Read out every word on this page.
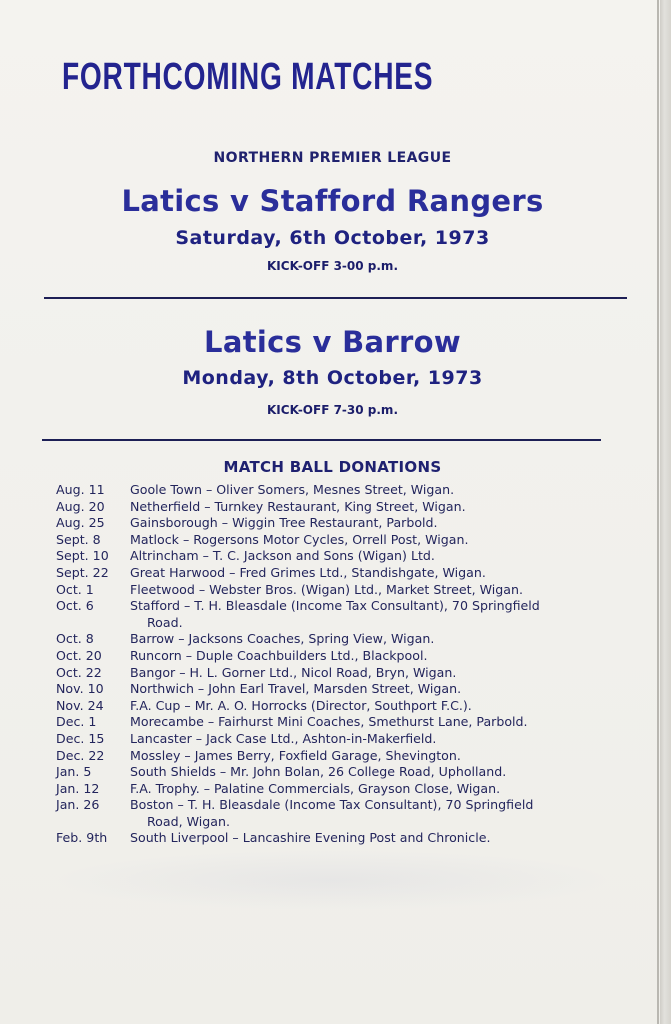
FORTHCOMING MATCHES
NORTHERN PREMIER LEAGUE
Latics v Stafford Rangers
Saturday, 6th October, 1973
KICK-OFF 3-00 p.m.
Latics v Barrow
Monday, 8th October, 1973
KICK-OFF 7-30 p.m.
MATCH BALL DONATIONS
Aug. 11	Goole Town – Oliver Somers, Mesnes Street, Wigan.
Aug. 20	Netherfield – Turnkey Restaurant, King Street, Wigan.
Aug. 25	Gainsborough – Wiggin Tree Restaurant, Parbold.
Sept. 8	Matlock – Rogersons Motor Cycles, Orrell Post, Wigan.
Sept. 10	Altrincham – T. C. Jackson and Sons (Wigan) Ltd.
Sept. 22	Great Harwood – Fred Grimes Ltd., Standishgate, Wigan.
Oct. 1	Fleetwood – Webster Bros. (Wigan) Ltd., Market Street, Wigan.
Oct. 6	Stafford – T. H. Bleasdale (Income Tax Consultant), 70 Springfield
Road.
Oct. 8	Barrow – Jacksons Coaches, Spring View, Wigan.
Oct. 20	Runcorn – Duple Coachbuilders Ltd., Blackpool.
Oct. 22	Bangor – H. L. Gorner Ltd., Nicol Road, Bryn, Wigan.
Nov. 10	Northwich – John Earl Travel, Marsden Street, Wigan.
Nov. 24	F.A. Cup – Mr. A. O. Horrocks (Director, Southport F.C.).
Dec. 1	Morecambe – Fairhurst Mini Coaches, Smethurst Lane, Parbold.
Dec. 15	Lancaster – Jack Case Ltd., Ashton-in-Makerfield.
Dec. 22	Mossley – James Berry, Foxfield Garage, Shevington.
Jan. 5	South Shields – Mr. John Bolan, 26 College Road, Upholland.
Jan. 12	F.A. Trophy. – Palatine Commercials, Grayson Close, Wigan.
Jan. 26	Boston – T. H. Bleasdale (Income Tax Consultant), 70 Springfield
Road, Wigan.
Feb. 9th	South Liverpool – Lancashire Evening Post and Chronicle.
